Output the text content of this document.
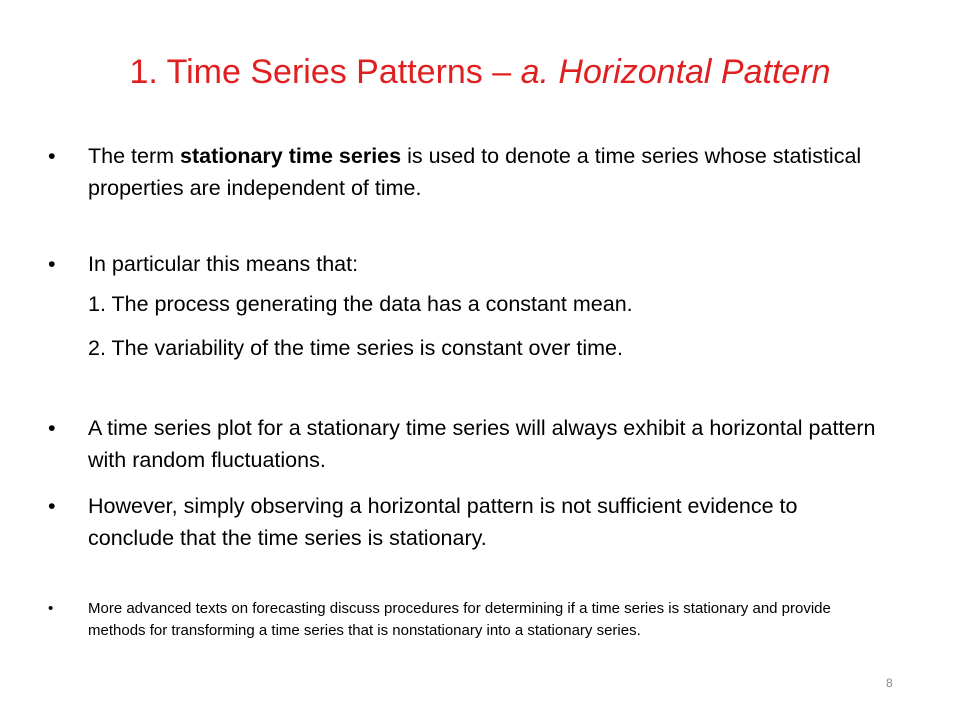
1. Time Series Patterns – a. Horizontal Pattern
•	The term stationary time series is used to denote a time series whose statistical properties are independent of time.
•	In particular this means that:
1. The process generating the data has a constant mean.
2. The variability of the time series is constant over time.
•	A time series plot for a stationary time series will always exhibit a horizontal pattern with random fluctuations.
•	However, simply observing a horizontal pattern is not sufficient evidence to conclude that the time series is stationary.
•	More advanced texts on forecasting discuss procedures for determining if a time series is stationary and provide methods for transforming a time series that is nonstationary into a stationary series.
8
